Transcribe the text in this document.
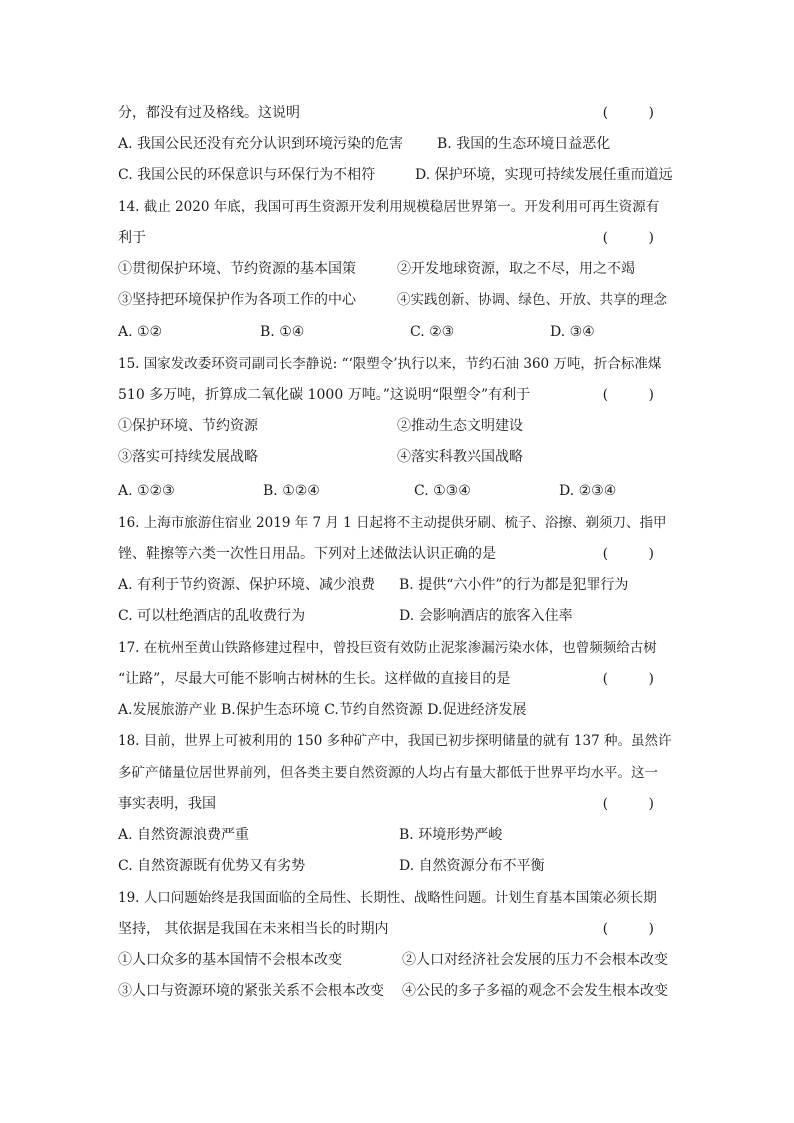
分，都没有过及格线。这说明	( )
A. 我国公民还没有充分认识到环境污染的危害 B. 我国的生态环境日益恶化
C. 我国公民的环保意识与环保行为不相符	D. 保护环境，实现可持续发展任重而道远
14. 截止 2020 年底，我国可再生资源开发利用规模稳居世界第一。开发利用可再生资源有
利于	( )
①贯彻保护环境、节约资源的基本国策	②开发地球资源，取之不尽，用之不竭
③坚持把环境保护作为各项工作的中心	④实践创新、协调、绿色、开放、共享的理念
A. ①②	B. ①④	C. ②③	D. ③④
15. 国家发改委环资司副司长李静说: “‘限塑令’执行以来，节约石油 360 万吨，折合标准煤
510 多万吨，折算成二氧化碳 1000 万吨。”这说明“限塑令”有利于	( )
①保护环境、节约资源	②推动生态文明建设
③落实可持续发展战略	④落实科教兴国战略
A. ①②③	B. ①②④	C. ①③④	D. ②③④
16. 上海市旅游住宿业 2019 年 7 月 1 日起将不主动提供牙刷、梳子、浴擦、剃须刀、指甲
锉、鞋擦等六类一次性日用品。下列对上述做法认识正确的是	( )
A. 有利于节约资源、保护环境、减少浪费 B. 提供“六小件”的行为都是犯罪行为
C. 可以杜绝酒店的乱收费行为	D. 会影响酒店的旅客入住率
17. 在杭州至黄山铁路修建过程中，曾投巨资有效防止泥浆渗漏污染水体，也曾频频给古树
“让路”，尽最大可能不影响古树林的生长。这样做的直接目的是	( )
A.发展旅游产业 B.保护生态环境 C.节约自然资源 D.促进经济发展
18. 目前，世界上可被利用的 150 多种矿产中，我国已初步探明储量的就有 137 种。虽然许
多矿产储量位居世界前列，但各类主要自然资源的人均占有量大都低于世界平均水平。这一
事实表明，我国	( )
A. 自然资源浪费严重	B. 环境形势严峻
C. 自然资源既有优势又有劣势	D. 自然资源分布不平衡
19. 人口问题始终是我国面临的全局性、长期性、战略性问题。计划生育基本国策必须长期
坚持， 其依据是我国在未来相当长的时期内	( )
①人口众多的基本国情不会根本改变	②人口对经济社会发展的压力不会根本改变
③人口与资源环境的紧张关系不会根本改变 ④公民的多子多福的观念不会发生根本改变
